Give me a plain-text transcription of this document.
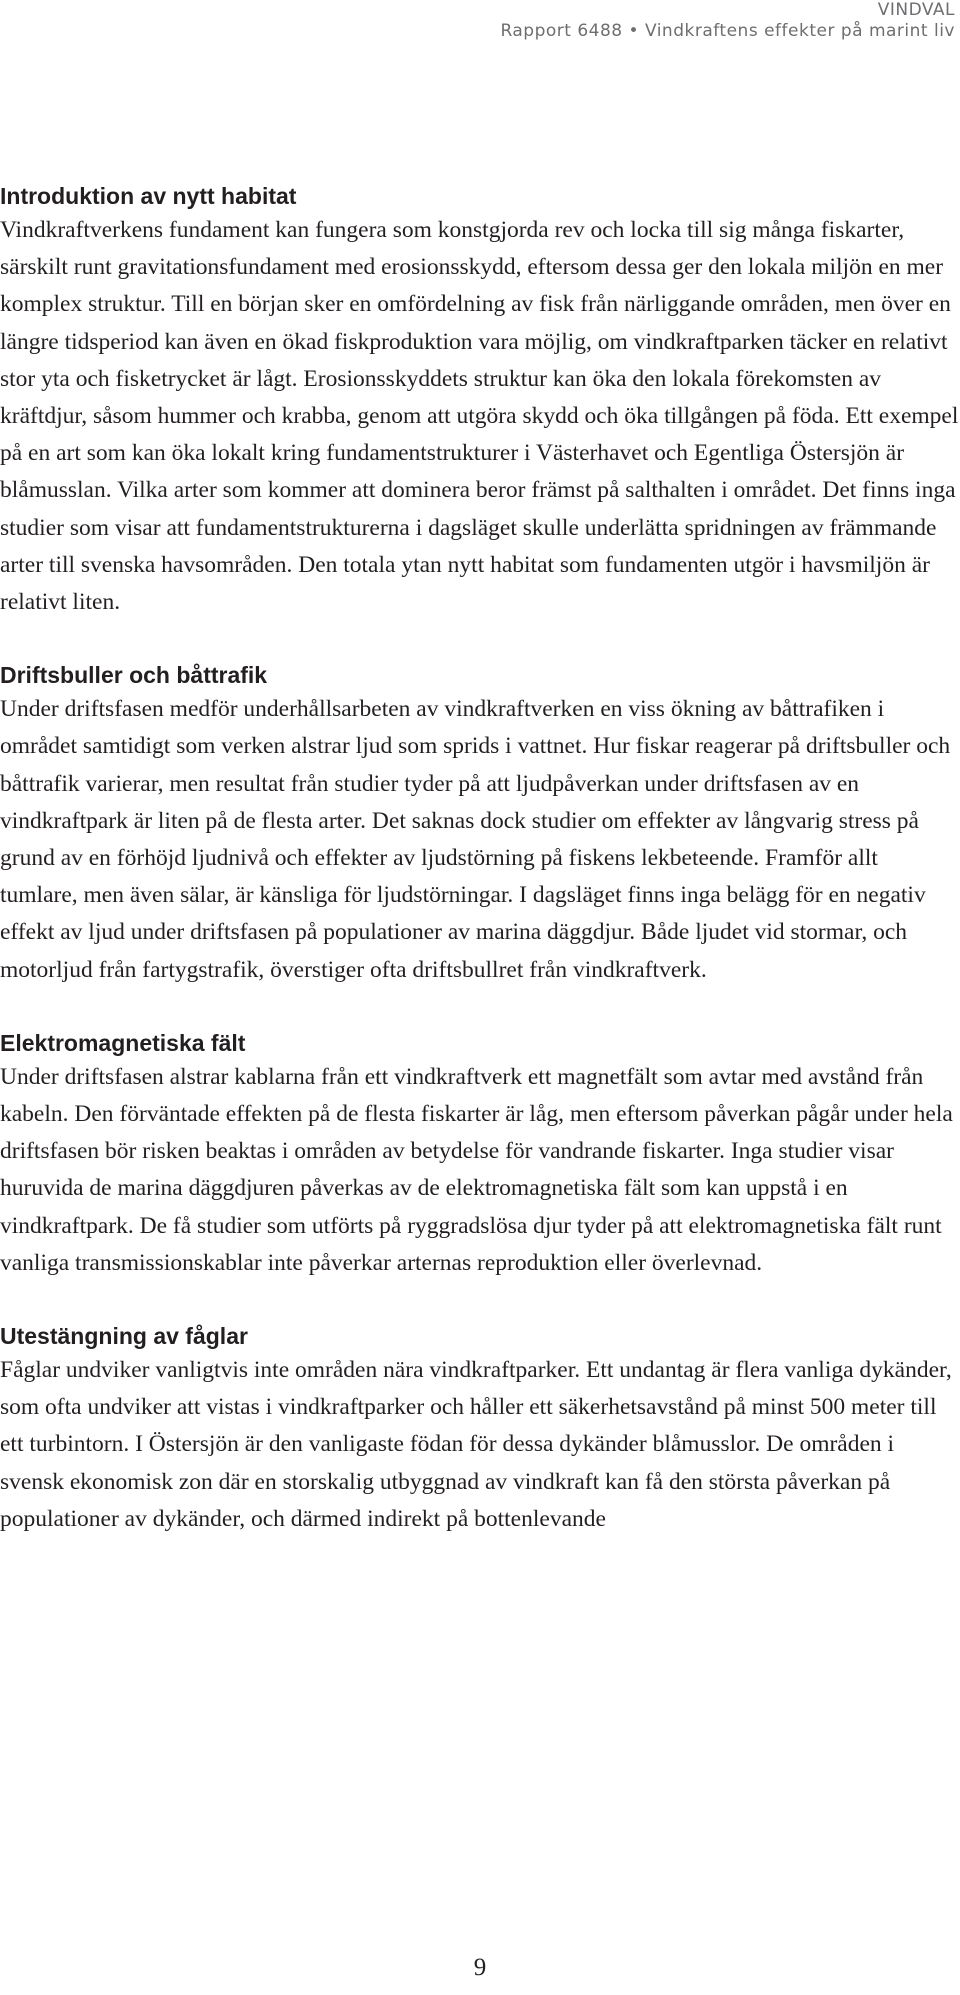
VINDVAL
Rapport 6488 • Vindkraftens effekter på marint liv
Introduktion av nytt habitat

Vindkraftverkens fundament kan fungera som konstgjorda rev och locka till sig många fiskarter, särskilt runt gravitationsfundament med erosionsskydd, eftersom dessa ger den lokala miljön en mer komplex struktur. Till en början sker en omfördelning av fisk från närliggande områden, men över en längre tidsperiod kan även en ökad fiskproduktion vara möjlig, om vindkraftparken täcker en relativt stor yta och fisketrycket är lågt. Erosionsskyddets struktur kan öka den lokala förekomsten av kräftdjur, såsom hummer och krabba, genom att utgöra skydd och öka tillgången på föda. Ett exempel på en art som kan öka lokalt kring fundamentstrukturer i Västerhavet och Egentliga Östersjön är blåmusslan. Vilka arter som kommer att dominera beror främst på salthalten i området. Det finns inga studier som visar att fundamentstrukturerna i dagsläget skulle underlätta spridningen av främmande arter till svenska havsområden. Den totala ytan nytt habitat som fundamenten utgör i havsmiljön är relativt liten.

Driftsbuller och båttrafik

Under driftsfasen medför underhållsarbeten av vindkraftverken en viss ökning av båttrafiken i området samtidigt som verken alstrar ljud som sprids i vattnet. Hur fiskar reagerar på driftsbuller och båttrafik varierar, men resultat från studier tyder på att ljudpåverkan under driftsfasen av en vindkraftpark är liten på de flesta arter. Det saknas dock studier om effekter av långvarig stress på grund av en förhöjd ljudnivå och effekter av ljudstörning på fiskens lekbeteende. Framför allt tumlare, men även sälar, är känsliga för ljudstörningar. I dagsläget finns inga belägg för en negativ effekt av ljud under driftsfasen på populationer av marina däggdjur. Både ljudet vid stormar, och motorljud från fartygstrafik, överstiger ofta driftsbullret från vindkraftverk.

Elektromagnetiska fält

Under driftsfasen alstrar kablarna från ett vindkraftverk ett magnetfält som avtar med avstånd från kabeln. Den förväntade effekten på de flesta fiskarter är låg, men eftersom påverkan pågår under hela driftsfasen bör risken beaktas i områden av betydelse för vandrande fiskarter. Inga studier visar huruvida de marina däggdjuren påverkas av de elektromagnetiska fält som kan uppstå i en vindkraftpark. De få studier som utförts på ryggradslösa djur tyder på att elektromagnetiska fält runt vanliga transmissionskablar inte påverkar arternas reproduktion eller överlevnad.

Utestängning av fåglar

Fåglar undviker vanligtvis inte områden nära vindkraftparker. Ett undantag är flera vanliga dykänder, som ofta undviker att vistas i vindkraftparker och håller ett säkerhetsavstånd på minst 500 meter till ett turbintorn. I Östersjön är den vanligaste födan för dessa dykänder blåmusslor. De områden i svensk ekonomisk zon där en storskalig utbyggnad av vindkraft kan få den största påverkan på populationer av dykänder, och därmed indirekt på bottenlevande

9
